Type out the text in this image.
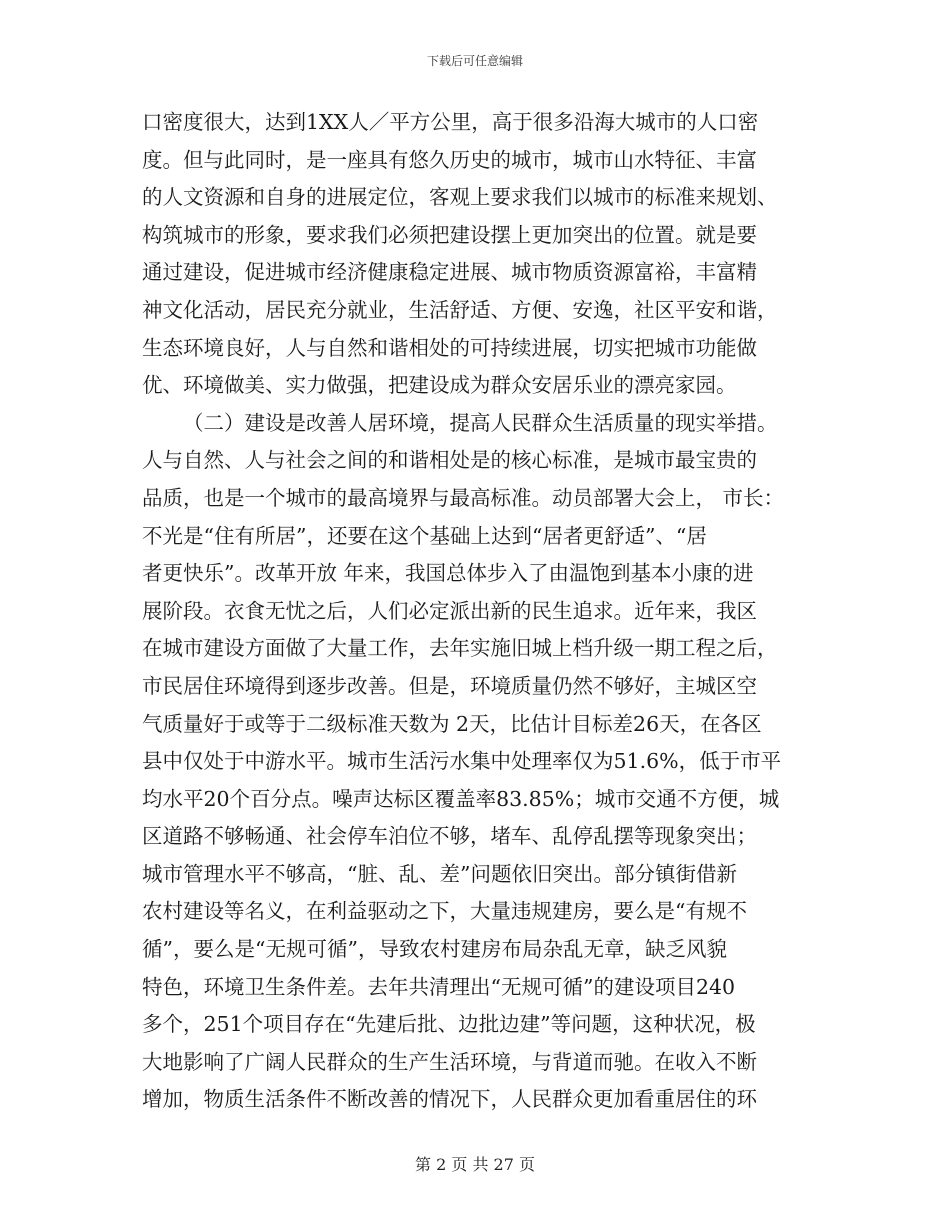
下载后可任意编辑
口密度很大，达到1XX人／平方公里，高于很多沿海大城市的人口密
度。但与此同时，是一座具有悠久历史的城市，城市山水特征、丰富
的人文资源和自身的进展定位，客观上要求我们以城市的标准来规划、
构筑城市的形象，要求我们必须把建设摆上更加突出的位置。就是要
通过建设，促进城市经济健康稳定进展、城市物质资源富裕，丰富精
神文化活动，居民充分就业，生活舒适、方便、安逸，社区平安和谐，
生态环境良好，人与自然和谐相处的可持续进展，切实把城市功能做
优、环境做美、实力做强，把建设成为群众安居乐业的漂亮家园。
（二）建设是改善人居环境，提高人民群众生活质量的现实举措。
人与自然、人与社会之间的和谐相处是的核心标准，是城市最宝贵的
品质，也是一个城市的最高境界与最高标准。动员部署大会上， 市长：
不光是“住有所居”，还要在这个基础上达到“居者更舒适”、“居
者更快乐”。改革开放 年来，我国总体步入了由温饱到基本小康的进
展阶段。衣食无忧之后，人们必定派出新的民生追求。近年来，我区
在城市建设方面做了大量工作，去年实施旧城上档升级一期工程之后，
市民居住环境得到逐步改善。但是，环境质量仍然不够好，主城区空
气质量好于或等于二级标准天数为 2天，比估计目标差26天，在各区
县中仅处于中游水平。城市生活污水集中处理率仅为51.6%，低于市平
均水平20个百分点。噪声达标区覆盖率83.85%；城市交通不方便，城
区道路不够畅通、社会停车泊位不够，堵车、乱停乱摆等现象突出；
城市管理水平不够高，“脏、乱、差”问题依旧突出。部分镇街借新
农村建设等名义，在利益驱动之下，大量违规建房，要么是“有规不
循”，要么是“无规可循”，导致农村建房布局杂乱无章，缺乏风貌
特色，环境卫生条件差。去年共清理出“无规可循”的建设项目240
多个，251个项目存在“先建后批、边批边建”等问题，这种状况，极
大地影响了广阔人民群众的生产生活环境，与背道而驰。在收入不断
增加，物质生活条件不断改善的情况下，人民群众更加看重居住的环
第 2 页 共 27 页
